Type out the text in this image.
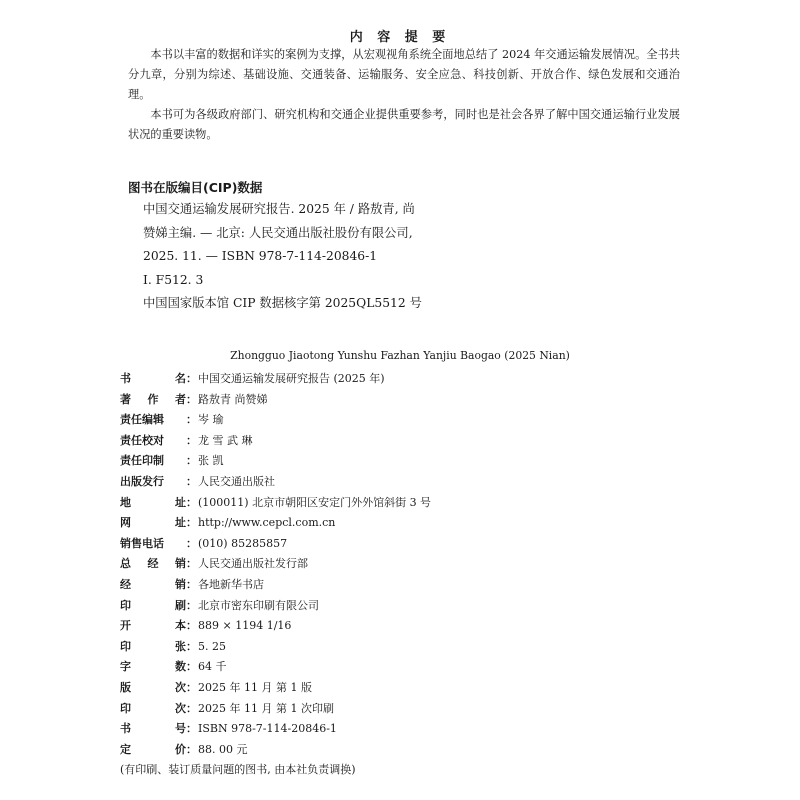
内 容 提 要

本书以丰富的数据和详实的案例为支撑，从宏观视角系统全面地总结了 2024 年交通运输发展情况。全书共分九章，分别为综述、基础设施、交通装备、运输服务、安全应急、科技创新、开放合作、绿色发展和交通治理。

本书可为各级政府部门、研究机构和交通企业提供重要参考，同时也是社会各界了解中国交通运输行业发展状况的重要读物。

图书在版编目(CIP)数据
中国交通运输发展研究报告. 2025 年 / 路敖青, 尚
赞娣主编. — 北京: 人民交通出版社股份有限公司,
2025. 11. — ISBN 978-7-114-20846-1
Ⅰ. F512. 3
中国国家版本馆 CIP 数据核字第 2025QL5512 号
Zhongguo Jiaotong Yunshu Fazhan Yanjiu Baogao (2025 Nian)
书	名 ： 中国交通运输发展研究报告 (2025 年)
著 作 者 ： 路敖青 尚赞娣
责任编辑 ： 岑 瑜
责任校对 ： 龙 雪 武 琳
责任印制 ： 张 凯
出版发行 ： 人民交通出版社
地	址 ： (100011) 北京市朝阳区安定门外外馆斜街 3 号
网	址 ： http://www.cepcl.com.cn
销售电话 ： (010) 85285857
总 经 销 ： 人民交通出版社发行部
经	销 ： 各地新华书店
印	刷 ： 北京市密东印刷有限公司
开	本 ： 889 × 1194 1/16
印	张 ： 5. 25
字	数 ： 64 千
版	次 ： 2025 年 11 月 第 1 版
印	次 ： 2025 年 11 月 第 1 次印刷
书	号 ： ISBN 978-7-114-20846-1
定	价 ： 88. 00 元
(有印刷、装订质量问题的图书, 由本社负责调换)
